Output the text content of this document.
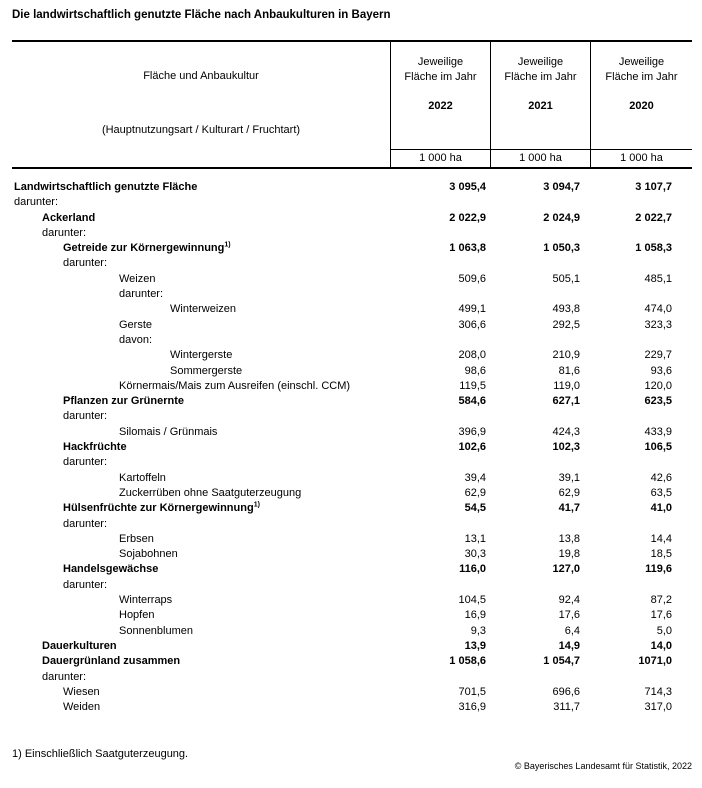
Die landwirtschaftlich genutzte Fläche nach Anbaukulturen in Bayern
Fläche und Anbaukultur
(Hauptnutzungsart / Kulturart / Fruchtart)
Jeweilige
Fläche im Jahr
2022
Jeweilige
Fläche im Jahr
2021
Jeweilige
Fläche im Jahr
2020
1 000 ha	1 000 ha	1 000 ha
Landwirtschaftlich genutzte Fläche	3 095,4	3 094,7	3 107,7
darunter:
Ackerland	2 022,9	2 024,9	2 022,7
darunter:
Getreide zur Körnergewinnung$^{1)}$	1 063,8	1 050,3	1 058,3
darunter:
Weizen	509,6	505,1	485,1
darunter:
Winterweizen	499,1	493,8	474,0
Gerste	306,6	292,5	323,3
davon:
Wintergerste	208,0	210,9	229,7
Sommergerste	98,6	81,6	93,6
Körnermais/Mais zum Ausreifen (einschl. CCM)	119,5	119,0	120,0
Pflanzen zur Grünernte	584,6	627,1	623,5
darunter:
Silomais / Grünmais	396,9	424,3	433,9
Hackfrüchte	102,6	102,3	106,5
darunter:
Kartoffeln	39,4	39,1	42,6
Zuckerrüben ohne Saatguterzeugung	62,9	62,9	63,5
Hülsenfrüchte zur Körnergewinnung$^{1)}$	54,5	41,7	41,0
darunter:
Erbsen	13,1	13,8	14,4
Sojabohnen	30,3	19,8	18,5
Handelsgewächse	116,0	127,0	119,6
darunter:
Winterraps	104,5	92,4	87,2
Hopfen	16,9	17,6	17,6
Sonnenblumen	9,3	6,4	5,0
Dauerkulturen	13,9	14,9	14,0
Dauergrünland zusammen	1 058,6	1 054,7	1071,0
darunter:
Wiesen	701,5	696,6	714,3
Weiden	316,9	311,7	317,0
1) Einschließlich Saatguterzeugung.
© Bayerisches Landesamt für Statistik, 2022
